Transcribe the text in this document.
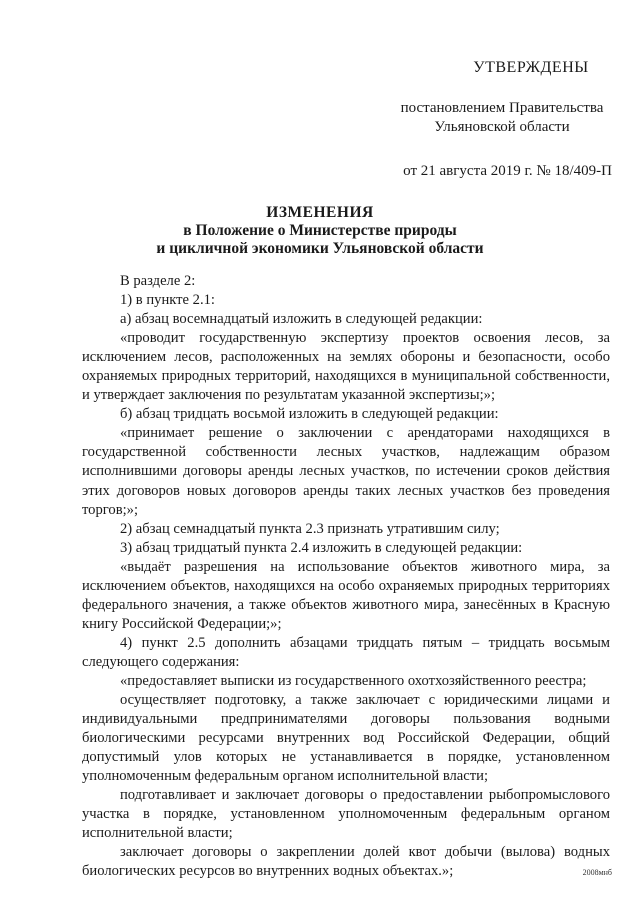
УТВЕРЖДЕНЫ
постановлением Правительства
Ульяновской области
от 21 августа 2019 г. № 18/409-П
ИЗМЕНЕНИЯ
в Положение о Министерстве природы
и цикличной экономики Ульяновской области

В разделе 2:

1) в пункте 2.1:

а) абзац восемнадцатый изложить в следующей редакции:

«проводит государственную экспертизу проектов освоения лесов, за исключением лесов, расположенных на землях обороны и безопасности, особо охраняемых природных территорий, находящихся в муниципальной собственности, и утверждает заключения по результатам указанной экспертизы;»;

б) абзац тридцать восьмой изложить в следующей редакции:

«принимает решение о заключении с арендаторами находящихся в государственной собственности лесных участков, надлежащим образом исполнившими договоры аренды лесных участков, по истечении сроков действия этих договоров новых договоров аренды таких лесных участков без проведения торгов;»;

2) абзац семнадцатый пункта 2.3 признать утратившим силу;

3) абзац тридцатый пункта 2.4 изложить в следующей редакции:

«выдаёт разрешения на использование объектов животного мира, за исключением объектов, находящихся на особо охраняемых природных территориях федерального значения, а также объектов животного мира, занесённых в Красную книгу Российской Федерации;»;

4) пункт 2.5 дополнить абзацами тридцать пятым – тридцать восьмым следующего содержания:

«предоставляет выписки из государственного охотхозяйственного реестра;

осуществляет подготовку, а также заключает с юридическими лицами и индивидуальными предпринимателями договоры пользования водными биологическими ресурсами внутренних вод Российской Федерации, общий допустимый улов которых не устанавливается в порядке, установленном уполномоченным федеральным органом исполнительной власти;

подготавливает и заключает договоры о предоставлении рыбопромыслового участка в порядке, установленном уполномоченным федеральным органом исполнительной власти;

заключает договоры о закреплении долей квот добычи (вылова) водных биологических ресурсов во внутренних водных объектах.»;	2008мнб
